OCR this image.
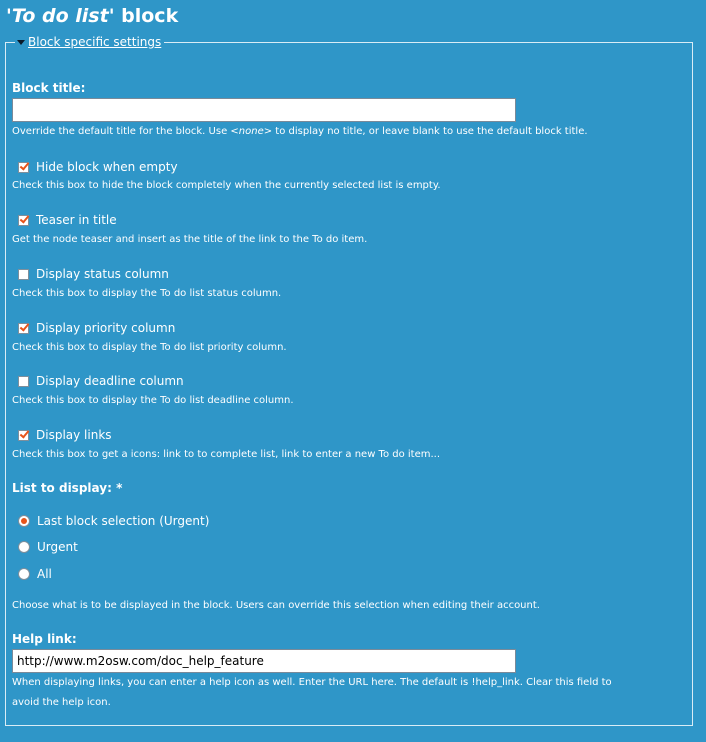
'To do list' block
Block specific settings
Block title:
Override the default title for the block. Use <none> to display no title, or leave blank to use the default block title.
Hide block when empty
Check this box to hide the block completely when the currently selected list is empty.
Teaser in title
Get the node teaser and insert as the title of the link to the To do item.
Display status column
Check this box to display the To do list status column.
Display priority column
Check this box to display the To do list priority column.
Display deadline column
Check this box to display the To do list deadline column.
Display links
Check this box to get a icons: link to to complete list, link to enter a new To do item...
List to display: *
Last block selection (Urgent)
Urgent
All
Choose what is to be displayed in the block. Users can override this selection when editing their account.
Help link:
http://www.m2osw.com/doc_help_feature
When displaying links, you can enter a help icon as well. Enter the URL here. The default is !help_link. Clear this field to
avoid the help icon.
